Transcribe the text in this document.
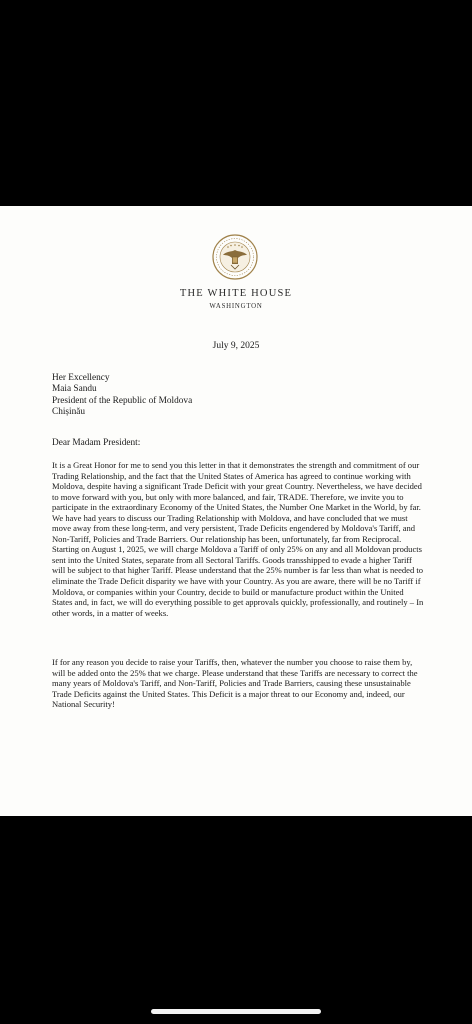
THE WHITE HOUSE
WASHINGTON
July 9, 2025
Her Excellency
Maia Sandu
President of the Republic of Moldova
Chișinău
Dear Madam President:

It is a Great Honor for me to send you this letter in that it demonstrates the strength and commitment of our Trading Relationship, and the fact that the United States of America has agreed to continue working with Moldova, despite having a significant Trade Deficit with your great Country. Nevertheless, we have decided to move forward with you, but only with more balanced, and fair, TRADE. Therefore, we invite you to participate in the extraordinary Economy of the United States, the Number One Market in the World, by far. We have had years to discuss our Trading Relationship with Moldova, and have concluded that we must move away from these long-term, and very persistent, Trade Deficits engendered by Moldova's Tariff, and Non-Tariff, Policies and Trade Barriers. Our relationship has been, unfortunately, far from Reciprocal. Starting on August 1, 2025, we will charge Moldova a Tariff of only 25% on any and all Moldovan products sent into the United States, separate from all Sectoral Tariffs. Goods transshipped to evade a higher Tariff will be subject to that higher Tariff. Please understand that the 25% number is far less than what is needed to eliminate the Trade Deficit disparity we have with your Country. As you are aware, there will be no Tariff if Moldova, or companies within your Country, decide to build or manufacture product within the United States and, in fact, we will do everything possible to get approvals quickly, professionally, and routinely – In other words, in a matter of weeks.

If for any reason you decide to raise your Tariffs, then, whatever the number you choose to raise them by, will be added onto the 25% that we charge. Please understand that these Tariffs are necessary to correct the many years of Moldova's Tariff, and Non-Tariff, Policies and Trade Barriers, causing these unsustainable Trade Deficits against the United States. This Deficit is a major threat to our Economy and, indeed, our National Security!
